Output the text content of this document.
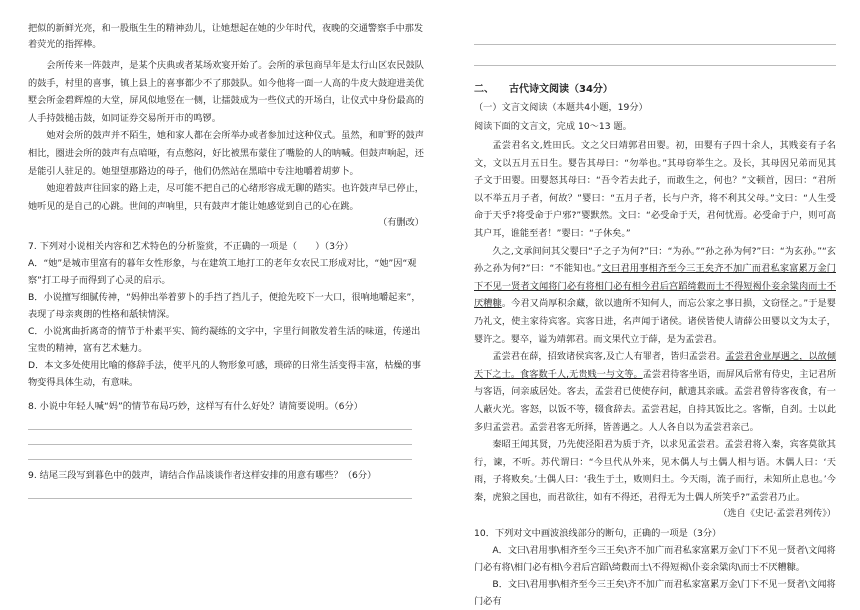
把似的新鲜光亮，和一股瓶生生的精神劲儿，让她想起在她的少年时代，夜晚的交通警察手中那发

着荧光的指挥棒。

会所传来一阵鼓声，是某个庆典或者某场欢宴开始了。会所的承包商早年是太行山区农民鼓队的鼓手，村里的喜事，镇上县上的喜事都少不了那鼓队。如今他将一面一人高的牛皮大鼓迎进美优墅会所金碧辉煌的大堂，屏风似地竖在一侧，让擂鼓成为一些仪式的开场白，让仪式中身份最高的人手持鼓槌击鼓，如同证券交易所开市的鸣锣。

她对会所的鼓声并不陌生，她和家人都在会所举办或者参加过这种仪式。虽然，和旷野的鼓声相比，圈进会所的鼓声有点喑哑，有点憋闷，好比被黑布蒙住了嘴脸的人的呐喊。但鼓声响起，还是能引人驻足的。她望望那路边的母子，他们仍然站在黑暗中专注地嚼着胡萝卜。

她迎着鼓声往回家的路上走，尽可能不把自己的心绪形容成无聊的踏实。也许鼓声早已停止，她听见的是自己的心跳。世间的声响里，只有鼓声才能让她感觉到自己的心在跳。

（有删改）

7. 下列对小说相关内容和艺术特色的分析鉴赏，不正确的一项是（　　）（3分）

A．“她”是城市里富有的暮年女性形象，与在建筑工地打工的老年女农民工形成对比，“她”因“观察”打工母子而得到了心灵的启示。

B．小说擅写细腻传神，“妈伸出举着萝卜的手挡了挡儿子，便抢先咬下一大口，很响地嚼起来”，表现了母亲爽朗的性格和舐犊情深。

C．小说寓曲折离奇的情节于朴素平实、简约凝练的文字中，字里行间散发着生活的味道，传递出宝贵的精神，富有艺术魅力。

D．本文多处使用比喻的修辞手法，使平凡的人物形象可感，琐碎的日常生活变得丰富，枯燥的事物变得具体生动，有意味。

8. 小说中年轻人喊“妈”的情节布局巧妙，这样写有什么好处？请简要说明。（6分）

9. 结尾三段写到暮色中的鼓声，请结合作品谈谈作者这样安排的用意有哪些？（6分）

二、　　古代诗文阅读（34分）

（一）文言文阅读（本题共4小题，19分）

阅读下面的文言文，完成 10～13 题。

孟尝君名文,姓田氏。文之父曰靖郭君田婴。初，田婴有子四十余人，其贱妾有子名文，文以五月五日生。婴告其母曰：“勿举也。”其母窃举生之。及长，其母因兄弟而见其子文于田婴。田婴怒其母曰：“吾令若去此子，而敢生之，何也？”文顿首，因曰：“君所以不举五月子者，何故？”婴曰：“五月子者，长与户齐，将不利其父母。”文曰：“人生受命于天乎?将受命于户邪?”婴默然。文曰：“必受命于天，君何忧焉。必受命于户，则可高其户耳，谁能至者！”婴曰：“子休矣。”

久之,文承间问其父婴曰“子之子为何?”曰：“为孙。”“孙之孙为何?”曰：“为玄孙。”“玄孙之孙为何?”曰：“不能知也。”文曰君用事相齐至今三王矣齐不加广而君私家富累万金门下不见一贤者文闻将门必有将相门必有相今君后宫蹈绮縠而士不得短褐仆妾余粱肉而士不厌糟糠。今君又尚厚积余藏，欲以遗所不知何人，而忘公家之事日损，文窃怪之。”于是婴乃礼文，使主家待宾客。宾客日进，名声闻于诸侯。诸侯皆使人请薛公田婴以文为太子，婴许之。婴卒，谥为靖郭君。而文果代立于薛，是为孟尝君。

孟尝君在薛，招致诸侯宾客,及亡人有罪者，皆归孟尝君。孟尝君舍业厚遇之，以故倾天下之士。食客数千人,无贵贱一与文等。孟尝君待客坐语，而屏风后常有侍史，主记君所与客语，问亲戚居处。客去，孟尝君已使使存问，献遗其亲戚。孟尝君曾待客夜食，有一人蔽火光。客怒，以饭不等，辍食辞去。孟尝君起，自持其饭比之。客惭，自刭。士以此多归孟尝君。孟尝君客无所择，皆善遇之。人人各自以为孟尝君亲己。

秦昭王闻其贤，乃先使泾阳君为质于齐，以求见孟尝君。孟尝君将入秦，宾客莫欲其行，谏，不听。苏代谓曰：“今旦代从外来，见木偶人与土偶人相与语。木偶人曰：‘天雨，子将败矣。’土偶人曰：‘我生于土，败则归土。今天雨，流子而行，未知所止息也。’今秦，虎狼之国也，而君欲往，如有不得还，君得无为土偶人所笑乎?”孟尝君乃止。

（选自《史记·孟尝君列传》）

10．下列对文中画波浪线部分的断句，正确的一项是（3分）

A．文曰\君用事\相齐至今三王矣\齐不加广而君私家富累万金\门下不见一贤者\文闻将门必有将\相门必有相\今君后宫蹈\绮縠而士\不得短褐\仆妾余粱肉\而士不厌糟糠。

B．文曰\君用事\相齐至今三王矣\齐不加广而君私家富累万金\门下不见一贤者\文闻将门必有
